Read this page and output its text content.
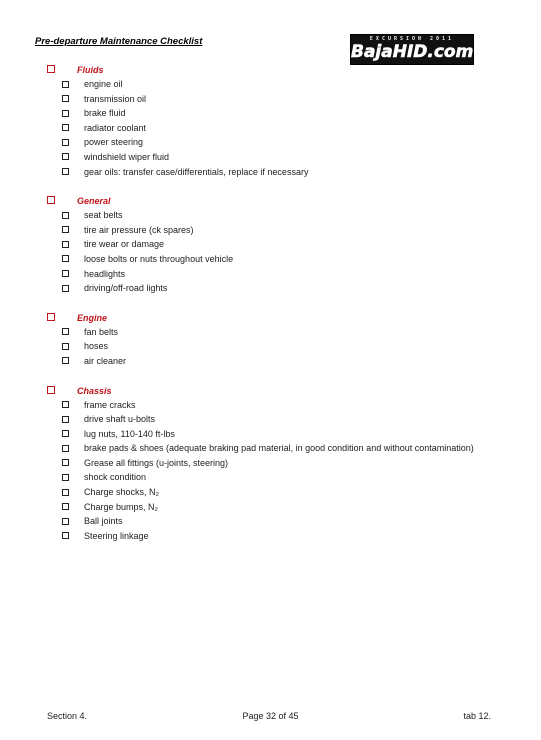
Pre-departure Maintenance Checklist	EXCURSION 2011
BajaHID.com
Fluids
engine oil
transmission oil
brake fluid
radiator coolant
power steering
windshield wiper fluid
gear oils: transfer case/differentials, replace if necessary
General
seat belts
tire air pressure (ck spares)
tire wear or damage
loose bolts or nuts throughout vehicle
headlights
driving/off-road lights
Engine
fan belts
hoses
air cleaner
Chassis
frame cracks
drive shaft u-bolts
lug nuts, 110-140 ft-lbs
brake pads & shoes (adequate braking pad material, in good condition and without contamination)
Grease all fittings (u-joints, steering)
shock condition
Charge shocks, N₂
Charge bumps, N₂
Ball joints
Steering linkage
Section 4.	Page 32 of 45	tab 12.
